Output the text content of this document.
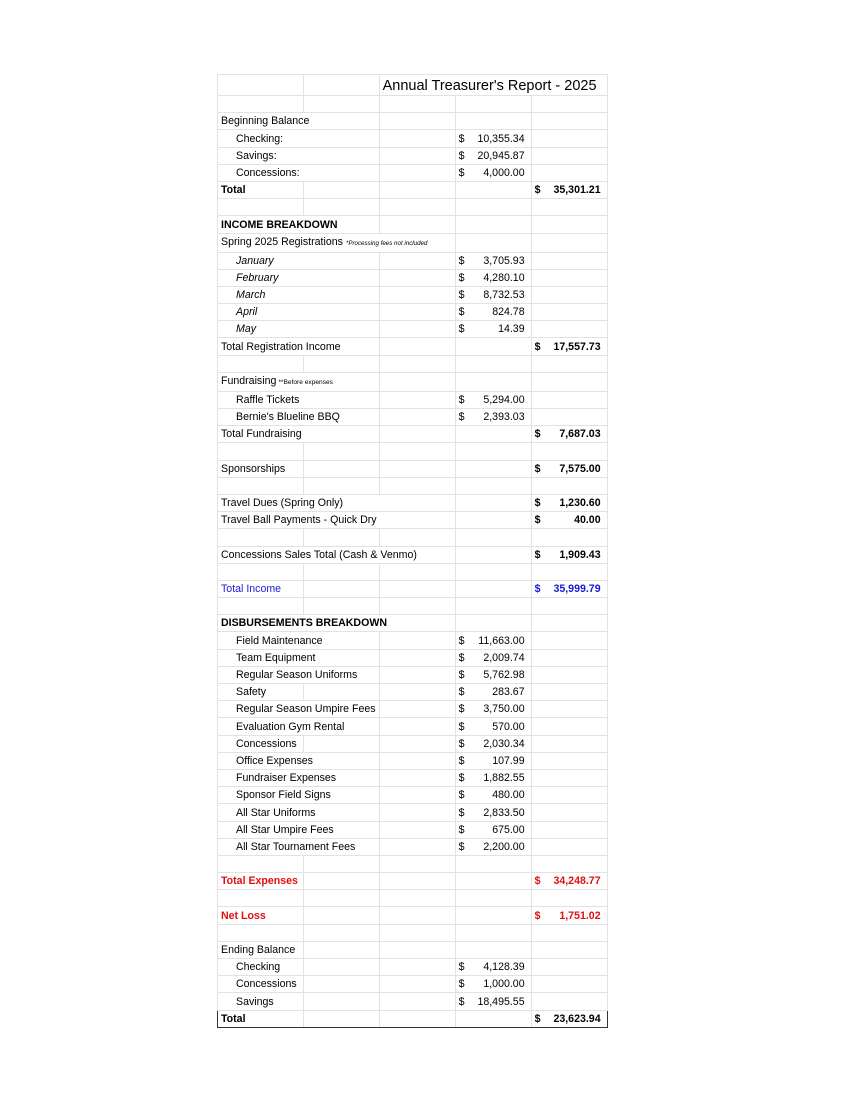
		Annual Treasurer's Report - 2025		

Beginning Balance				
Checking:			$ 10,355.34	

Savings:			$ 20,945.87	

Concessions:			$ 4,000.00	

Total				$ 35,301.21

INCOME BREAKDOWN				
Spring 2025 Registrations *Processing fees not included				
January			$ 3,705.93	

February			$ 4,280.10	

March			$ 8,732.53	

April			$ 824.78	

May			$ 14.39	

Total Registration Income				$ 17,557.73

Fundraising **Before expenses				
Raffle Tickets			$ 5,294.00	

Bernie's Blueline BBQ			$ 2,393.03	

Total Fundraising				$ 7,687.03

Sponsorships				$ 7,575.00

Travel Dues (Spring Only)				$ 1,230.60

Travel Ball Payments - Quick Dry				$ 40.00

Concessions Sales Total (Cash & Venmo)				$ 1,909.43

Total Income				$ 35,999.79

DISBURSEMENTS BREAKDOWN				
Field Maintenance			$ 11,663.00	

Team Equipment			$ 2,009.74	

Regular Season Uniforms			$ 5,762.98	

Safety			$ 283.67	

Regular Season Umpire Fees			$ 3,750.00	

Evaluation Gym Rental			$ 570.00	

Concessions			$ 2,030.34	

Office Expenses			$ 107.99	

Fundraiser Expenses			$ 1,882.55	

Sponsor Field Signs			$ 480.00	

All Star Uniforms			$ 2,833.50	

All Star Umpire Fees			$ 675.00	

All Star Tournament Fees			$ 2,200.00	

Total Expenses				$ 34,248.77

Net Loss				$ 1,751.02

Ending Balance				
Checking			$ 4,128.39	

Concessions			$ 1,000.00	

Savings			$ 18,495.55	

Total				$ 23,623.94
